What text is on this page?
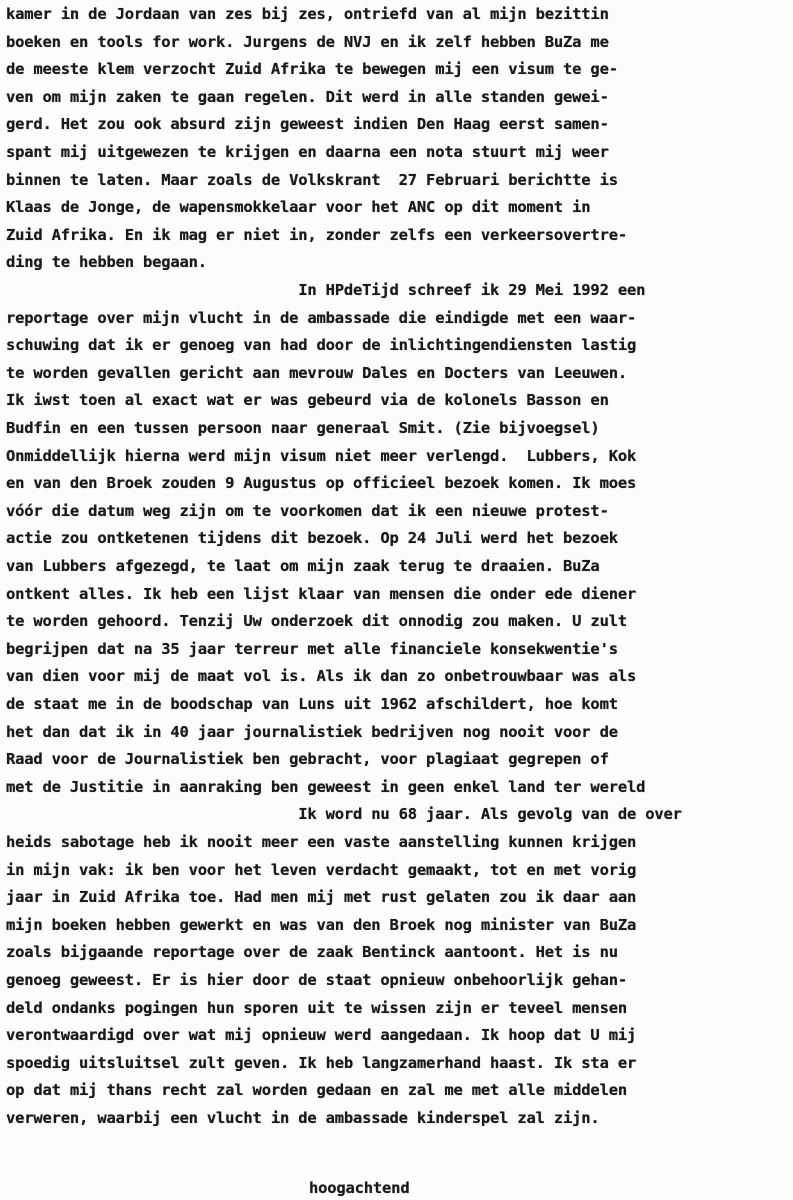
kamer in de Jordaan van zes bij zes, ontriefd van al mijn bezittin
boeken en tools for work. Jurgens de NVJ en ik zelf hebben BuZa me
de meeste klem verzocht Zuid Afrika te bewegen mij een visum te ge-
ven om mijn zaken te gaan regelen. Dit werd in alle standen gewei-
gerd. Het zou ook absurd zijn geweest indien Den Haag eerst samen-
spant mij uitgewezen te krijgen en daarna een nota stuurt mij weer
binnen te laten. Maar zoals de Volkskrant  27 Februari berichtte is
Klaas de Jonge, de wapensmokkelaar voor het ANC op dit moment in
Zuid Afrika. En ik mag er niet in, zonder zelfs een verkeersovertre-
ding te hebben begaan.
In HPdeTijd schreef ik 29 Mei 1992 een
reportage over mijn vlucht in de ambassade die eindigde met een waar-
schuwing dat ik er genoeg van had door de inlichtingendiensten lastig
te worden gevallen gericht aan mevrouw Dales en Docters van Leeuwen.
Ik iwst toen al exact wat er was gebeurd via de kolonels Basson en
Budfin en een tussen persoon naar generaal Smit. (Zie bijvoegsel)
Onmiddellijk hierna werd mijn visum niet meer verlengd.  Lubbers, Kok
en van den Broek zouden 9 Augustus op officieel bezoek komen. Ik moes
vóór die datum weg zijn om te voorkomen dat ik een nieuwe protest-
actie zou ontketenen tijdens dit bezoek. Op 24 Juli werd het bezoek
van Lubbers afgezegd, te laat om mijn zaak terug te draaien. BuZa
ontkent alles. Ik heb een lijst klaar van mensen die onder ede diener
te worden gehoord. Tenzij Uw onderzoek dit onnodig zou maken. U zult
begrijpen dat na 35 jaar terreur met alle financiele konsekwentie's
van dien voor mij de maat vol is. Als ik dan zo onbetrouwbaar was als
de staat me in de boodschap van Luns uit 1962 afschildert, hoe komt
het dan dat ik in 40 jaar journalistiek bedrijven nog nooit voor de
Raad voor de Journalistiek ben gebracht, voor plagiaat gegrepen of
met de Justitie in aanraking ben geweest in geen enkel land ter wereld
Ik word nu 68 jaar. Als gevolg van de over
heids sabotage heb ik nooit meer een vaste aanstelling kunnen krijgen
in mijn vak: ik ben voor het leven verdacht gemaakt, tot en met vorig
jaar in Zuid Afrika toe. Had men mij met rust gelaten zou ik daar aan
mijn boeken hebben gewerkt en was van den Broek nog minister van BuZa
zoals bijgaande reportage over de zaak Bentinck aantoont. Het is nu
genoeg geweest. Er is hier door de staat opnieuw onbehoorlijk gehan-
deld ondanks pogingen hun sporen uit te wissen zijn er teveel mensen
verontwaardigd over wat mij opnieuw werd aangedaan. Ik hoop dat U mij
spoedig uitsluitsel zult geven. Ik heb langzamerhand haast. Ik sta er
op dat mij thans recht zal worden gedaan en zal me met alle middelen
verweren, waarbij een vlucht in de ambassade kinderspel zal zijn.
hoogachtend
